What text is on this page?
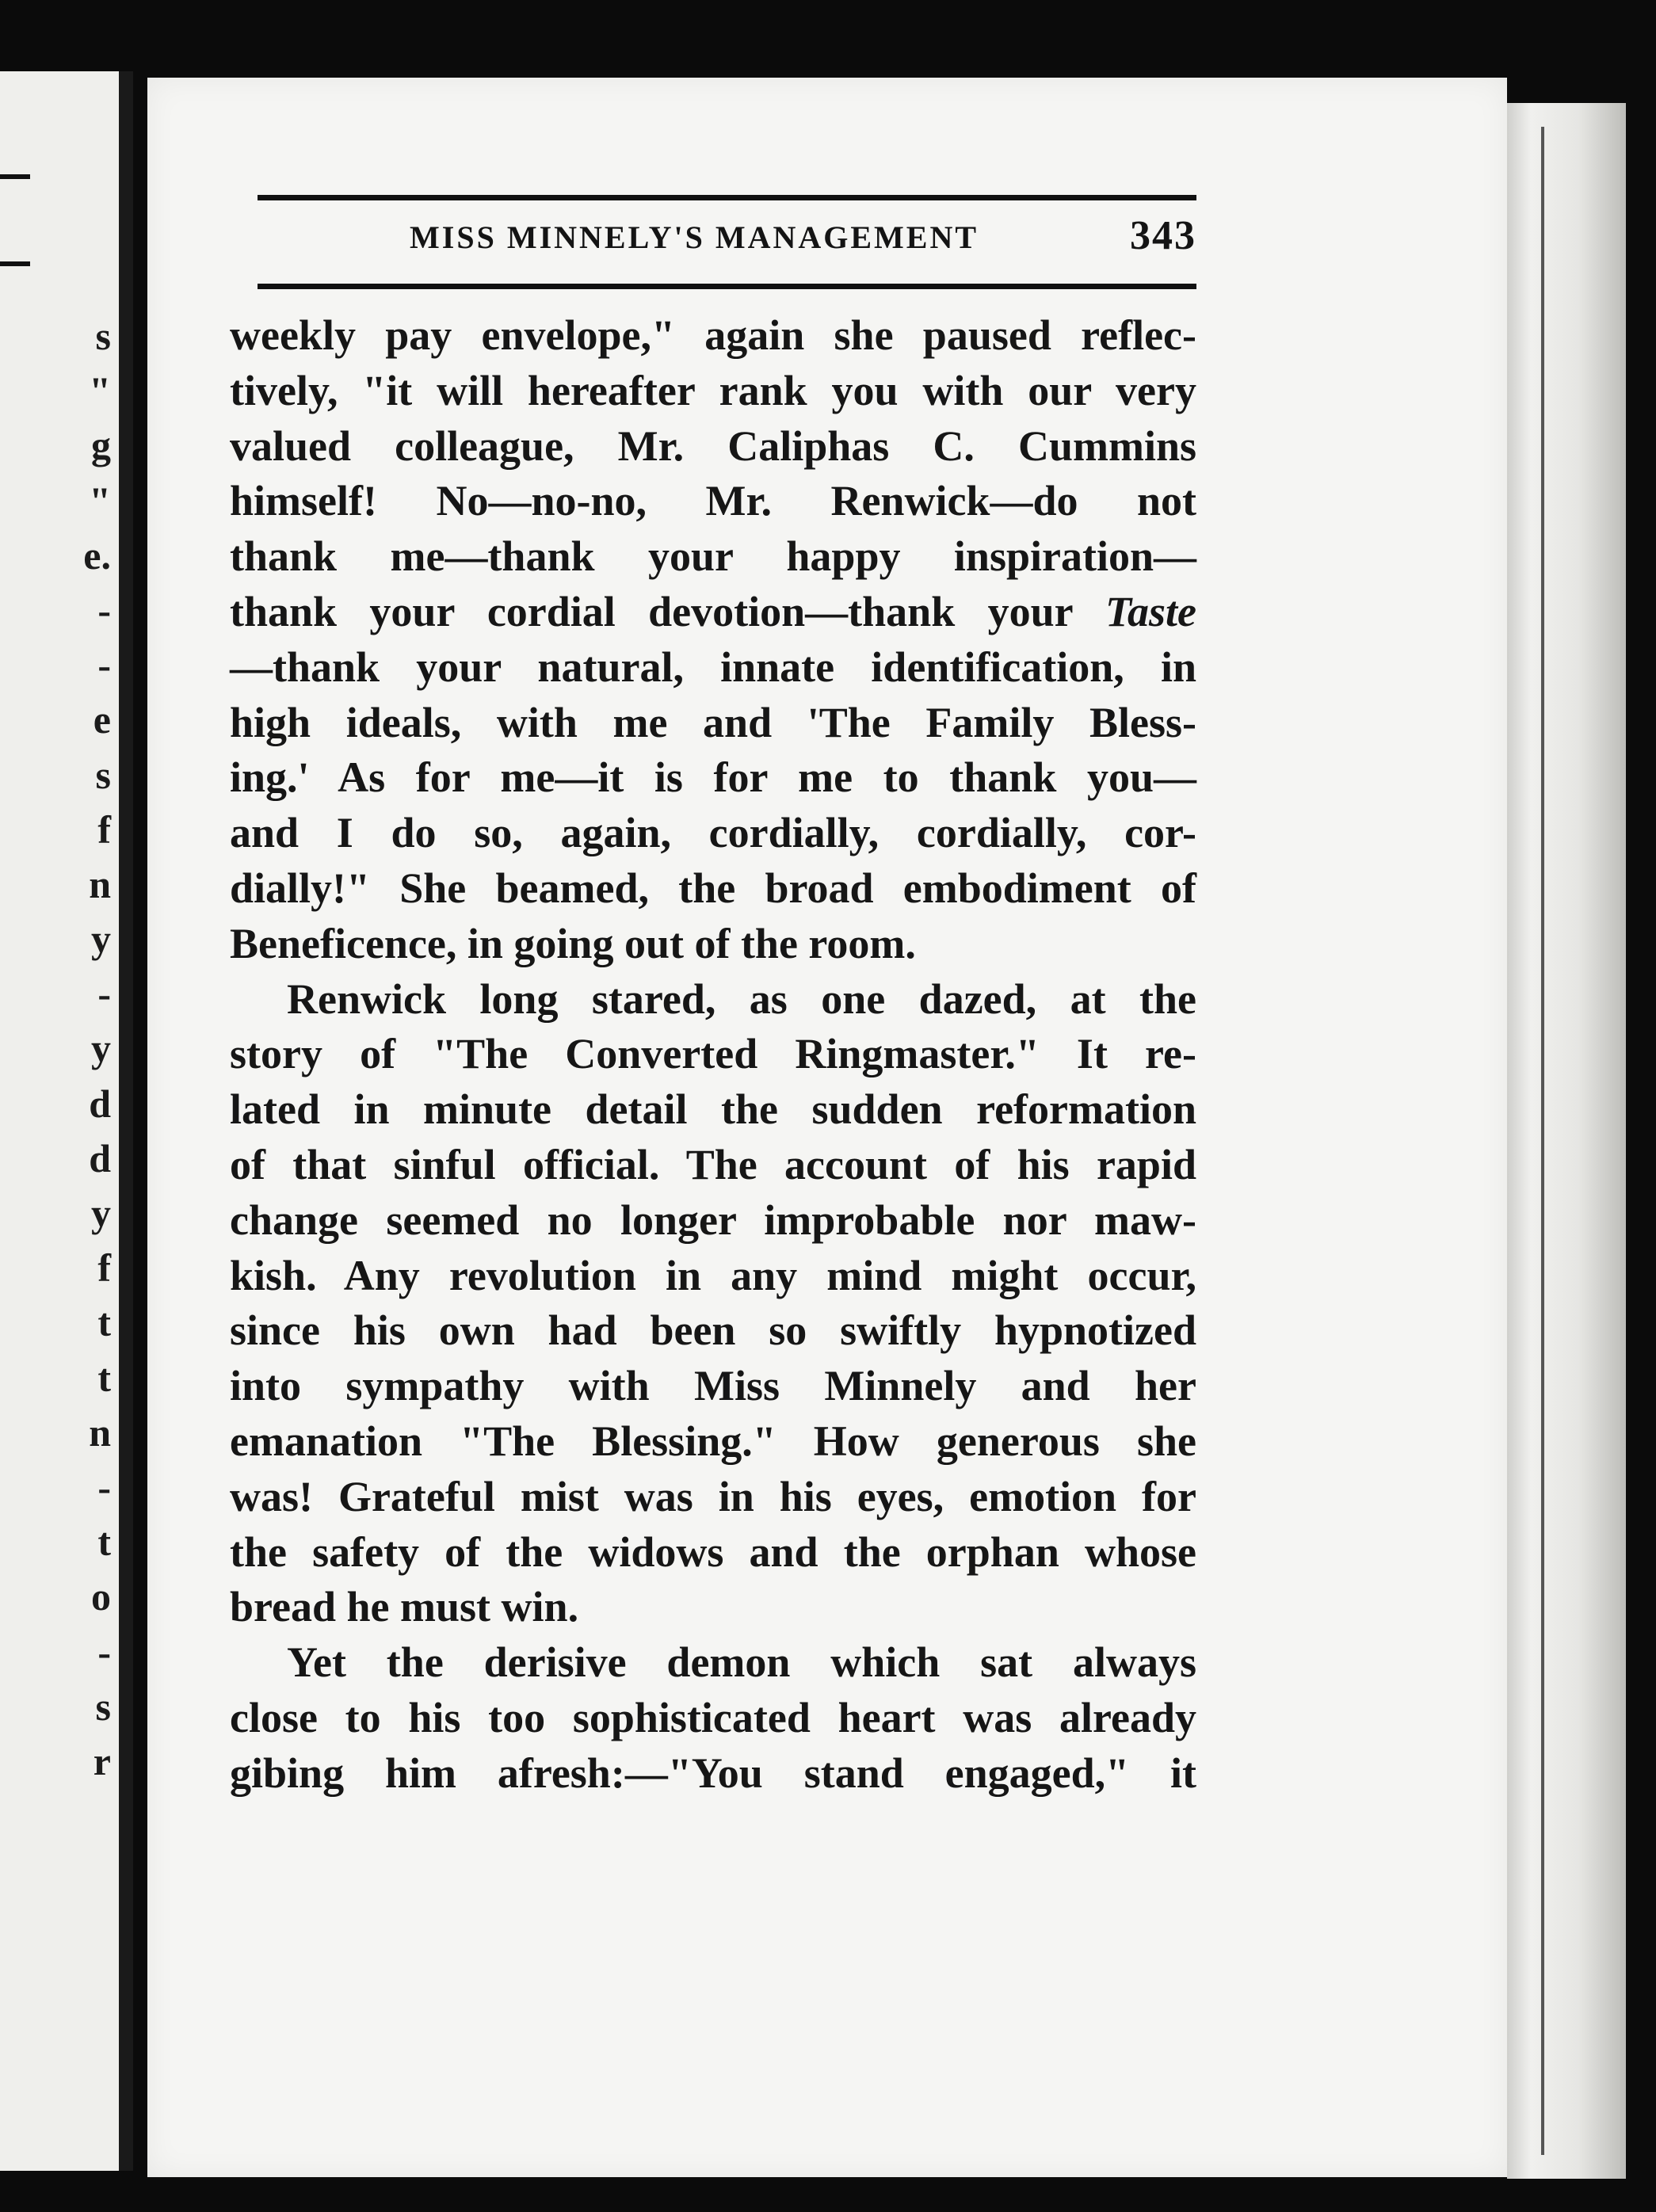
s
"
g
"
e.
-
-
e
s
f
n
y
-
y
d
d
y
f
t
t
n
-
t
o
-
s
r
MISS MINNELY'S MANAGEMENT	343
weekly pay envelope," again she paused reflec-
tively, "it will hereafter rank you with our very
valued colleague, Mr. Caliphas C. Cummins
himself! No—no-no, Mr. Renwick—do not
thank me—thank your happy inspiration—
thank your cordial devotion—thank your Taste
—thank your natural, innate identification, in
high ideals, with me and 'The Family Bless-
ing.' As for me—it is for me to thank you—
and I do so, again, cordially, cordially, cor-
dially!" She beamed, the broad embodiment of
Beneficence, in going out of the room.
Renwick long stared, as one dazed, at the
story of "The Converted Ringmaster." It re-
lated in minute detail the sudden reformation
of that sinful official. The account of his rapid
change seemed no longer improbable nor maw-
kish. Any revolution in any mind might occur,
since his own had been so swiftly hypnotized
into sympathy with Miss Minnely and her
emanation "The Blessing." How generous she
was! Grateful mist was in his eyes, emotion for
the safety of the widows and the orphan whose
bread he must win.
Yet the derisive demon which sat always
close to his too sophisticated heart was already
gibing him afresh:—"You stand engaged," it
